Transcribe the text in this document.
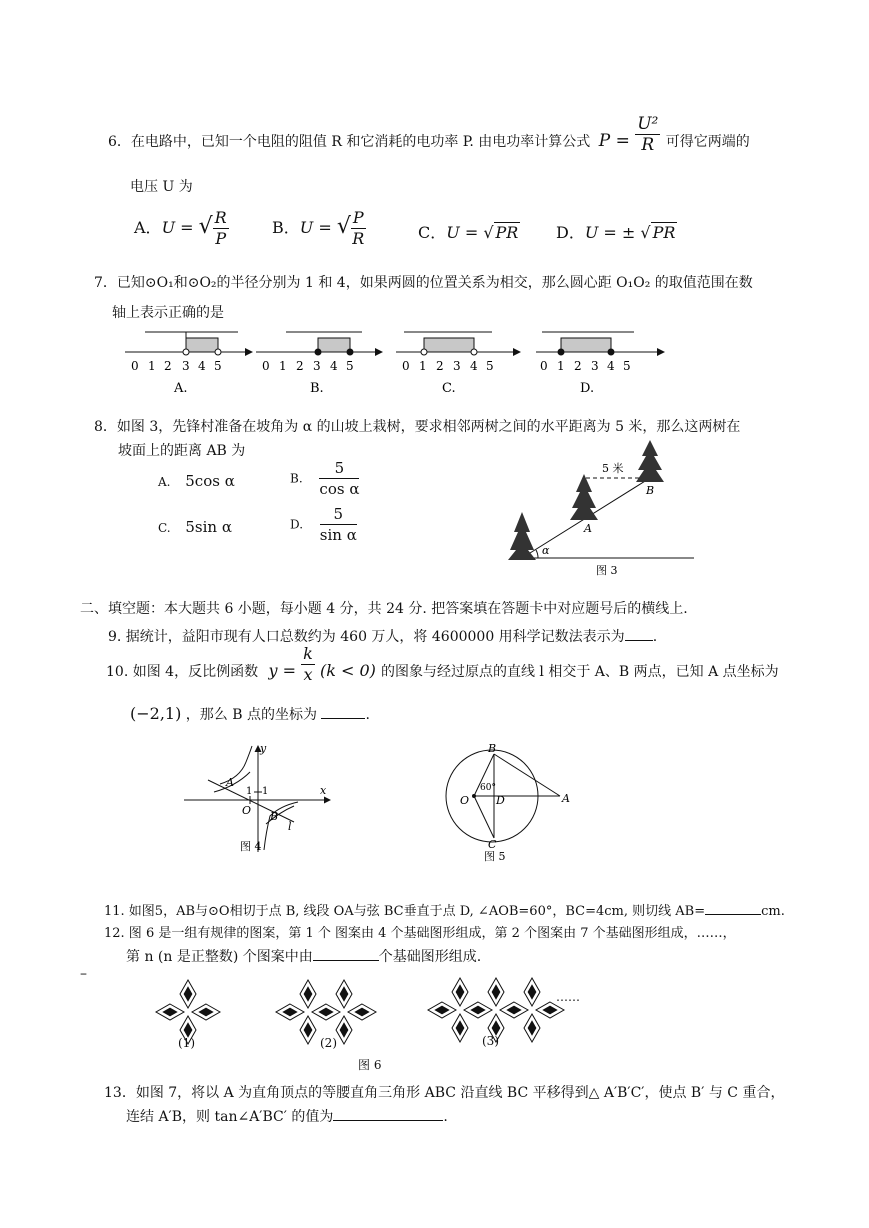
6．在电路中，已知一个电阻的阻值 R 和它消耗的电功率 P. 由电功率计算公式 $P = \frac{\text{U²}}{R}$ 可得它两端的
电压 U 为
A．U = √ $\frac{R}{P}$	B．U = √ $\frac{P}{R}$	C．U = √ PR D．U = ± √ PR
7．已知⊙O₁和⊙O₂的半径分别为 1 和 4，如果两圆的位置关系为相交，那么圆心距 O₁O₂ 的取值范围在数
轴上表示正确的是
0 1 2 3 4 5
A.
0 1 2 3 4 5
B.
0 1 2 3 4 5
C.
0 1 2 3 4 5
D.
8．如图 3，先锋村准备在坡角为 α 的山坡上栽树，要求相邻两树之间的水平距离为 5 米，那么这两树在
坡面上的距离 AB 为
A. 5cos α	B. $\frac{5}{\text{cos α}}$
C. 5sin α	D. $\frac{5}{\text{sin α}}$
5 米
A
B
α
图 3
二、填空题：本大题共 6 小题，每小题 4 分，共 24 分. 把答案填在答题卡中对应题号后的横线上.
9. 据统计，益阳市现有人口总数约为 460 万人，将 4600000 用科学记数法表示为 .
10. 如图 4，反比例函数 $y = \frac{k}{x} (k < 0)$ 的图象与经过原点的直线 l 相交于 A、B 两点，已知 A 点坐标为
(−2,1) ，那么 B 点的坐标为	.
y
x
O
A
B
l
1 1
图 4
B
O D	A
C
60°
图 5
11. 如图5，AB与⊙O相切于点 B, 线段 OA与弦 BC垂直于点 D, ∠AOB=60°，BC=4cm, 则切线 AB=	cm.
12. 图 6 是一组有规律的图案，第 1 个 图案由 4 个基础图形组成，第 2 个图案由 7 个基础图形组成，……，
第 n (n 是正整数) 个图案中由	个基础图形组成.
–
(1)	(2)	(3)
……
图 6
13．如图 7，将以 A 为直角顶点的等腰直角三角形 ABC 沿直线 BC 平移得到△ A′B′C′，使点 B′ 与 C 重合，
连结 A′B，则 tan∠A′BC′ 的值为	.
